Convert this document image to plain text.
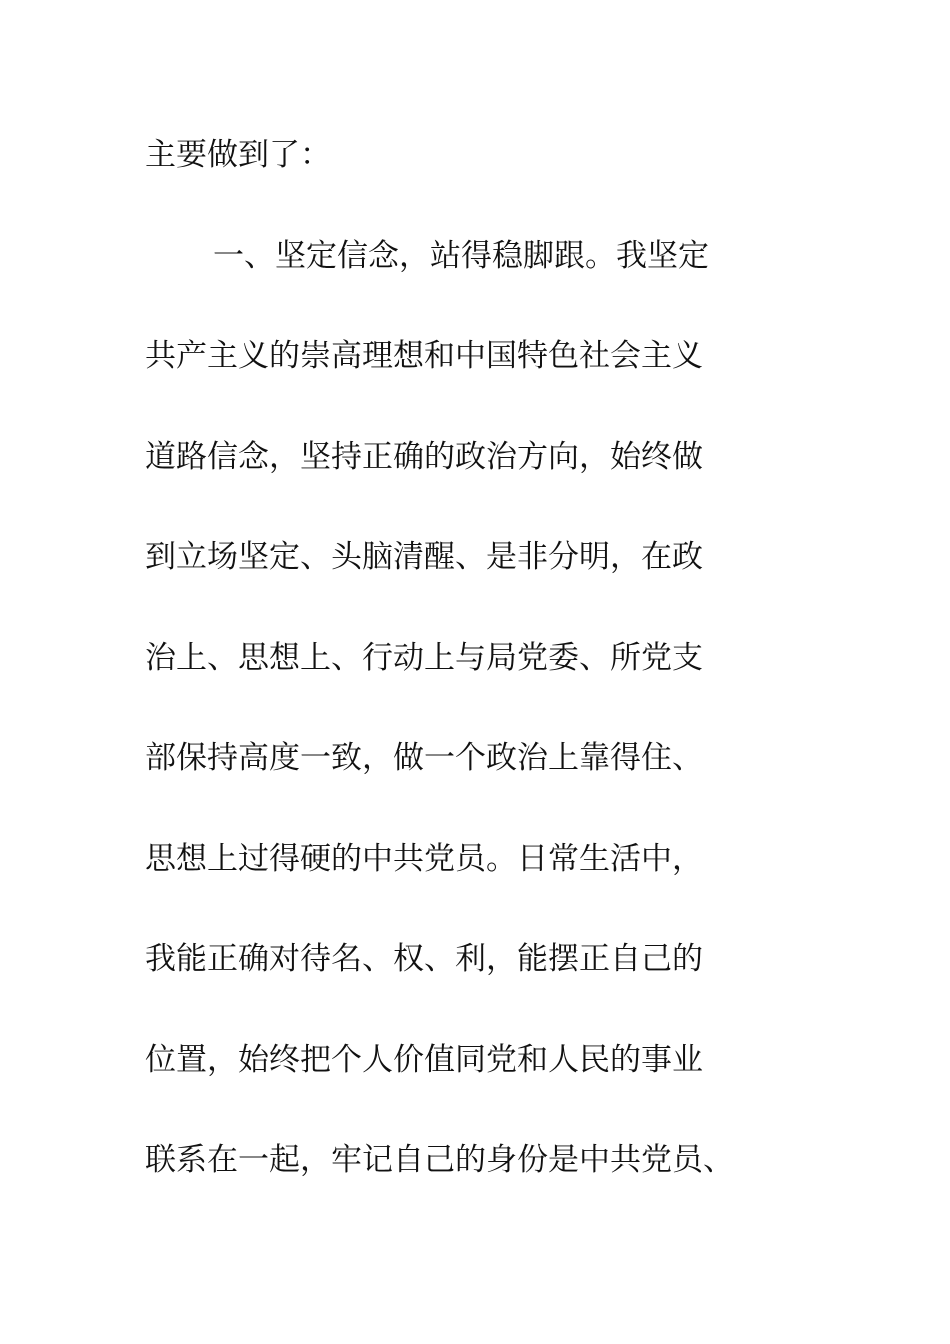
主要做到了：
一、坚定信念，站得稳脚跟。我坚定
共产主义的崇高理想和中国特色社会主义
道路信念，坚持正确的政治方向，始终做
到立场坚定、头脑清醒、是非分明，在政
治上、思想上、行动上与局党委、所党支
部保持高度一致，做一个政治上靠得住、
思想上过得硬的中共党员。日常生活中，
我能正确对待名、权、利，能摆正自己的
位置，始终把个人价值同党和人民的事业
联系在一起，牢记自己的身份是中共党员、
